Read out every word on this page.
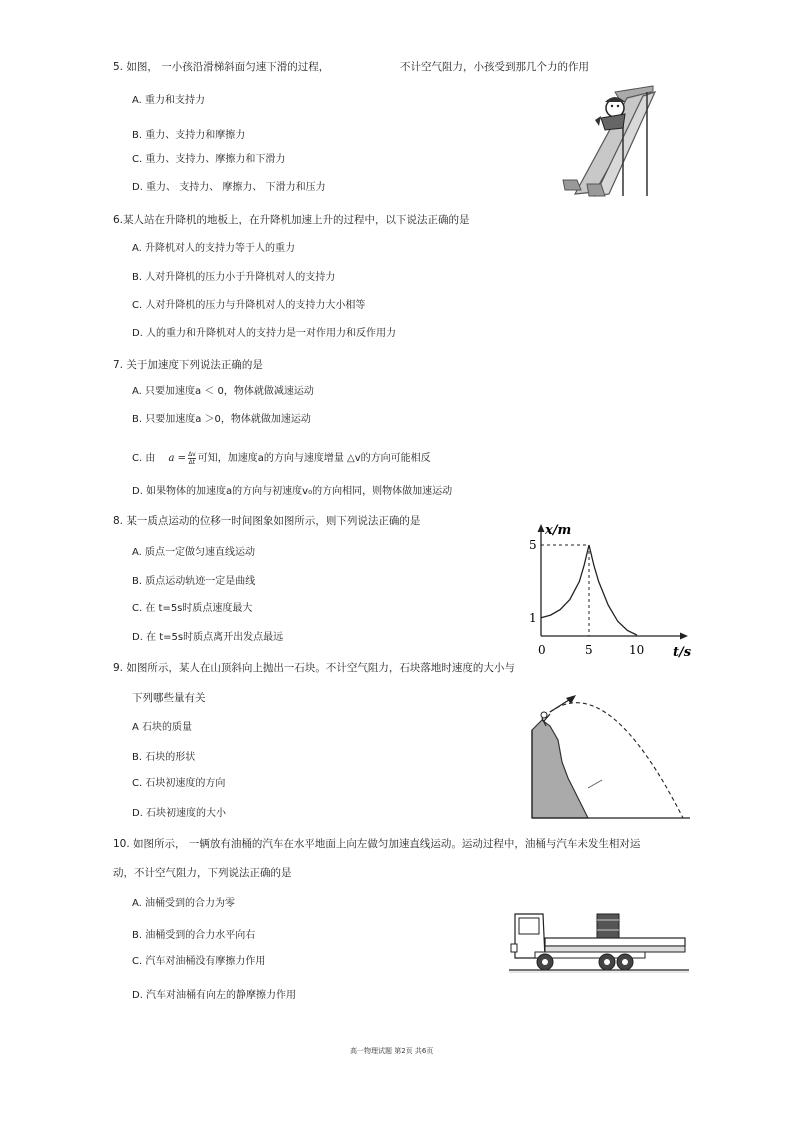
5. 如图， 一小孩沿滑梯斜面匀速下滑的过程，	不计空气阻力，小孩受到那几个力的作用
A. 重力和支持力
B. 重力、支持力和摩擦力
C. 重力、支持力、摩擦力和下滑力
D. 重力、 支持力、 摩擦力、 下滑力和压力
6.某人站在升降机的地板上，在升降机加速上升的过程中，以下说法正确的是
A. 升降机对人的支持力等于人的重力
B. 人对升降机的压力小于升降机对人的支持力
C. 人对升降机的压力与升降机对人的支持力大小相等
D. 人的重力和升降机对人的支持力是一对作用力和反作用力
7. 关于加速度下列说法正确的是
A. 只要加速度a ＜ 0，物体就做减速运动
B. 只要加速度a ＞0，物体就做加速运动
C. 由 $a = \frac{\Delta v}{\Delta t}$ 可知，加速度a的方向与速度增量 △v的方向可能相反
D. 如果物体的加速度a的方向与初速度v₀的方向相同，则物体做加速运动
8. 某一质点运动的位移一时间图象如图所示，则下列说法正确的是
A. 质点一定做匀速直线运动
B. 质点运动轨迹一定是曲线
C. 在 t=5s时质点速度最大
D. 在 t=5s时质点离开出发点最远
x/m
t/s
0	5	10
1
5
9. 如图所示，某人在山顶斜向上抛出一石块。不计空气阻力，石块落地时速度的大小与
下列哪些量有关
A 石块的质量
B. 石块的形状
C. 石块初速度的方向
D. 石块初速度的大小
10. 如图所示， 一辆放有油桶的汽车在水平地面上向左做匀加速直线运动。运动过程中，油桶与汽车未发生相对运
动，不计空气阻力，下列说法正确的是
A. 油桶受到的合力为零
B. 油桶受到的合力水平向右
C. 汽车对油桶没有摩擦力作用
D. 汽车对油桶有向左的静摩擦力作用
高一物理试题 第2页 共6页
